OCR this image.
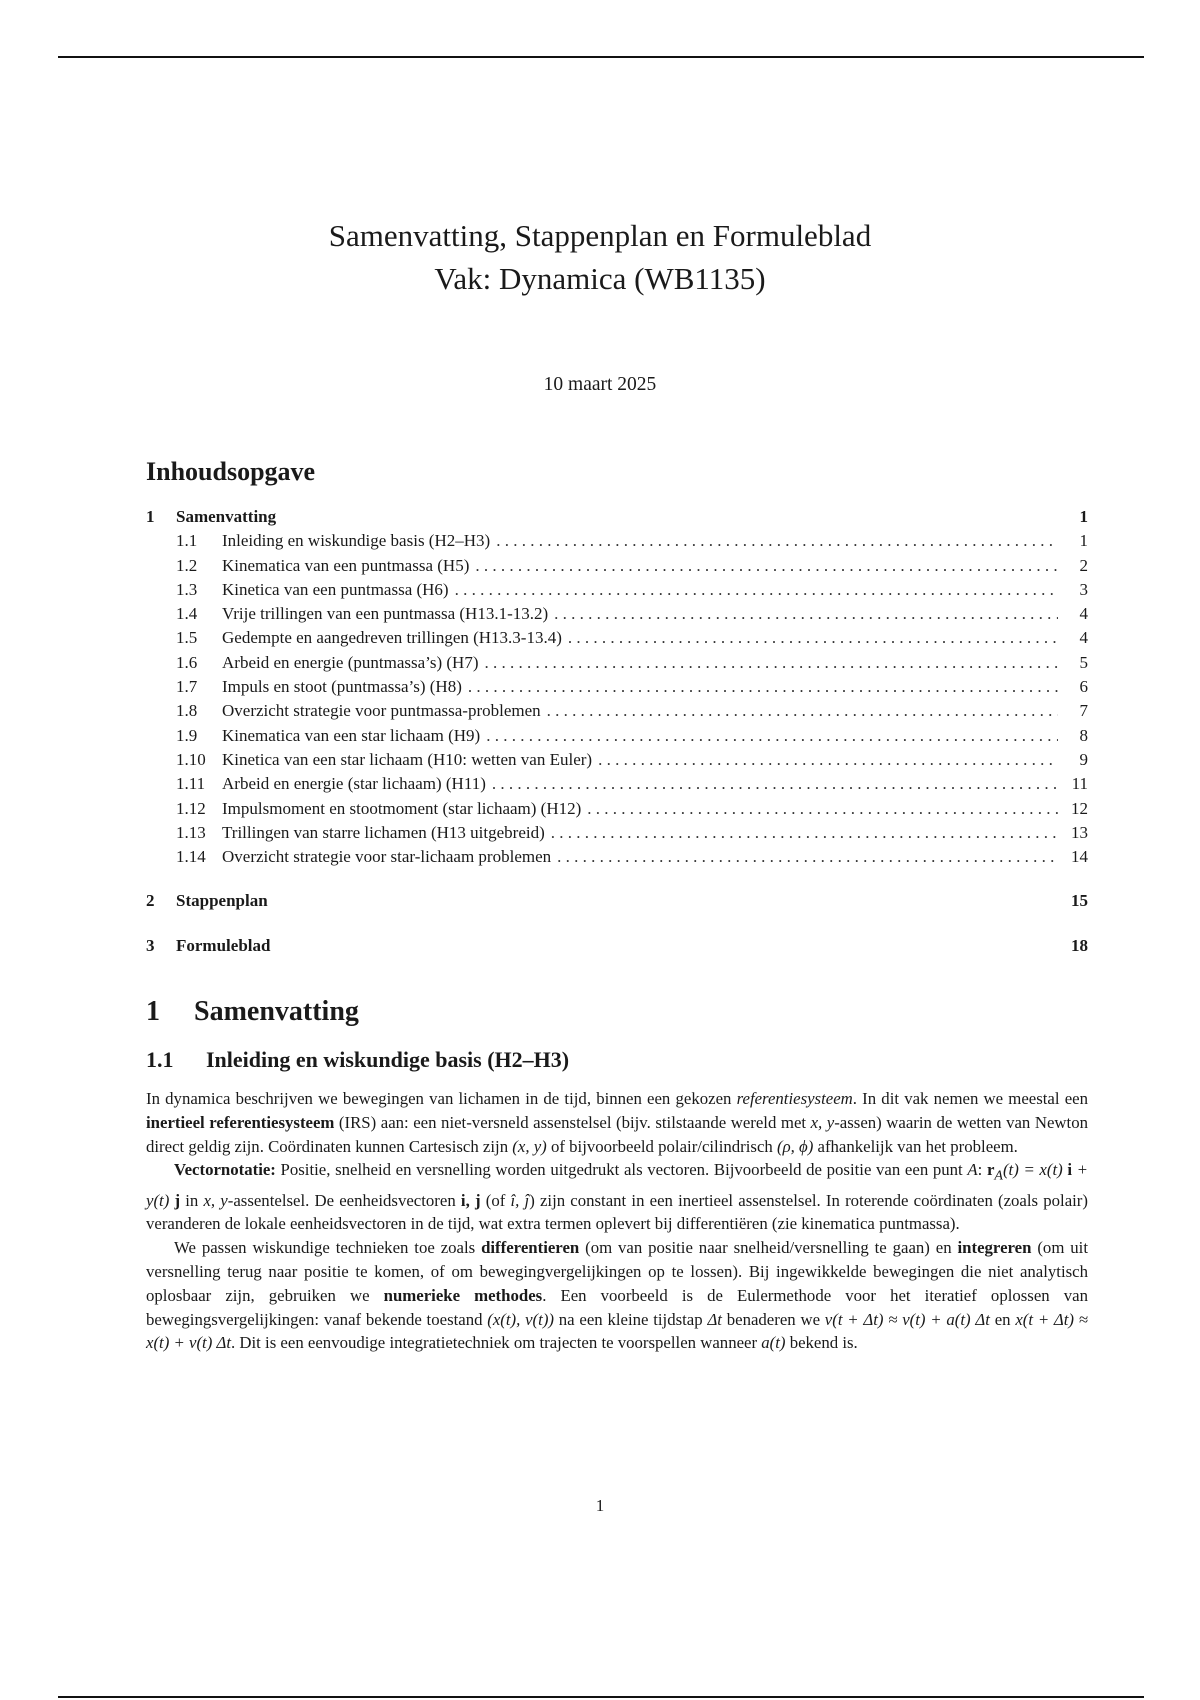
Samenvatting, Stappenplan en Formuleblad
Vak: Dynamica (WB1135)
10 maart 2025
Inhoudsopgave
1	Samenvatting	1
1.1	Inleiding en wiskundige basis (H2–H3) . . .	1
1.2	Kinematica van een puntmassa (H5) . . .	2
1.3	Kinetica van een puntmassa (H6) . . .	3
1.4	Vrije trillingen van een puntmassa (H13.1-13.2) . . .	4
1.5	Gedempte en aangedreven trillingen (H13.3-13.4) . . .	4
1.6	Arbeid en energie (puntmassa’s) (H7) . . .	5
1.7	Impuls en stoot (puntmassa’s) (H8) . . .	6
1.8	Overzicht strategie voor puntmassa-problemen . . .	7
1.9	Kinematica van een star lichaam (H9) . . .	8
1.10 Kinetica van een star lichaam (H10: wetten van Euler) . . .	9
1.11 Arbeid en energie (star lichaam) (H11) . . .	11
1.12 Impulsmoment en stootmoment (star lichaam) (H12) . . .	12
1.13 Trillingen van starre lichamen (H13 uitgebreid) . . .	13
1.14 Overzicht strategie voor star-lichaam problemen . . .	14
2	Stappenplan	15
3	Formuleblad	18
1 Samenvatting
1.1 Inleiding en wiskundige basis (H2–H3)

In dynamica beschrijven we bewegingen van lichamen in de tijd, binnen een gekozen referentiesysteem. In dit vak nemen we meestal een inertieel referentiesysteem (IRS) aan: een niet-versneld assenstelsel (bijv. stilstaande wereld met x, y-assen) waarin de wetten van Newton direct geldig zijn. Coördinaten kunnen Cartesisch zijn (x, y) of bijvoorbeeld polair/cilindrisch (ρ, ϕ) afhankelijk van het probleem.

Vectornotatie: Positie, snelheid en versnelling worden uitgedrukt als vectoren. Bijvoorbeeld de positie van een punt A: $r_A(t) = x(t) i + y(t)$ j in x, y-assentelsel. De eenheidsvectoren i, j (of î, ĵ) zijn constant in een inertieel assenstelsel. In roterende coördinaten (zoals polair) veranderen de lokale eenheidsvectoren in de tijd, wat extra termen oplevert bij differentiëren (zie kinematica puntmassa).

We passen wiskundige technieken toe zoals differentieren (om van positie naar snelheid/versnelling te gaan) en integreren (om uit versnelling terug naar positie te komen, of om bewegingvergelijkingen op te lossen). Bij ingewikkelde bewegingen die niet analytisch oplosbaar zijn, gebruiken we numerieke methodes. Een voorbeeld is de Eulermethode voor het iteratief oplossen van bewegingsvergelijkingen: vanaf bekende toestand (x(t), v(t)) na een kleine tijdstap Δt benaderen we v(t + Δt) ≈ v(t) + a(t) Δt en x(t + Δt) ≈ x(t) + v(t) Δt. Dit is een eenvoudige integratietechniek om trajecten te voorspellen wanneer a(t) bekend is.

1
